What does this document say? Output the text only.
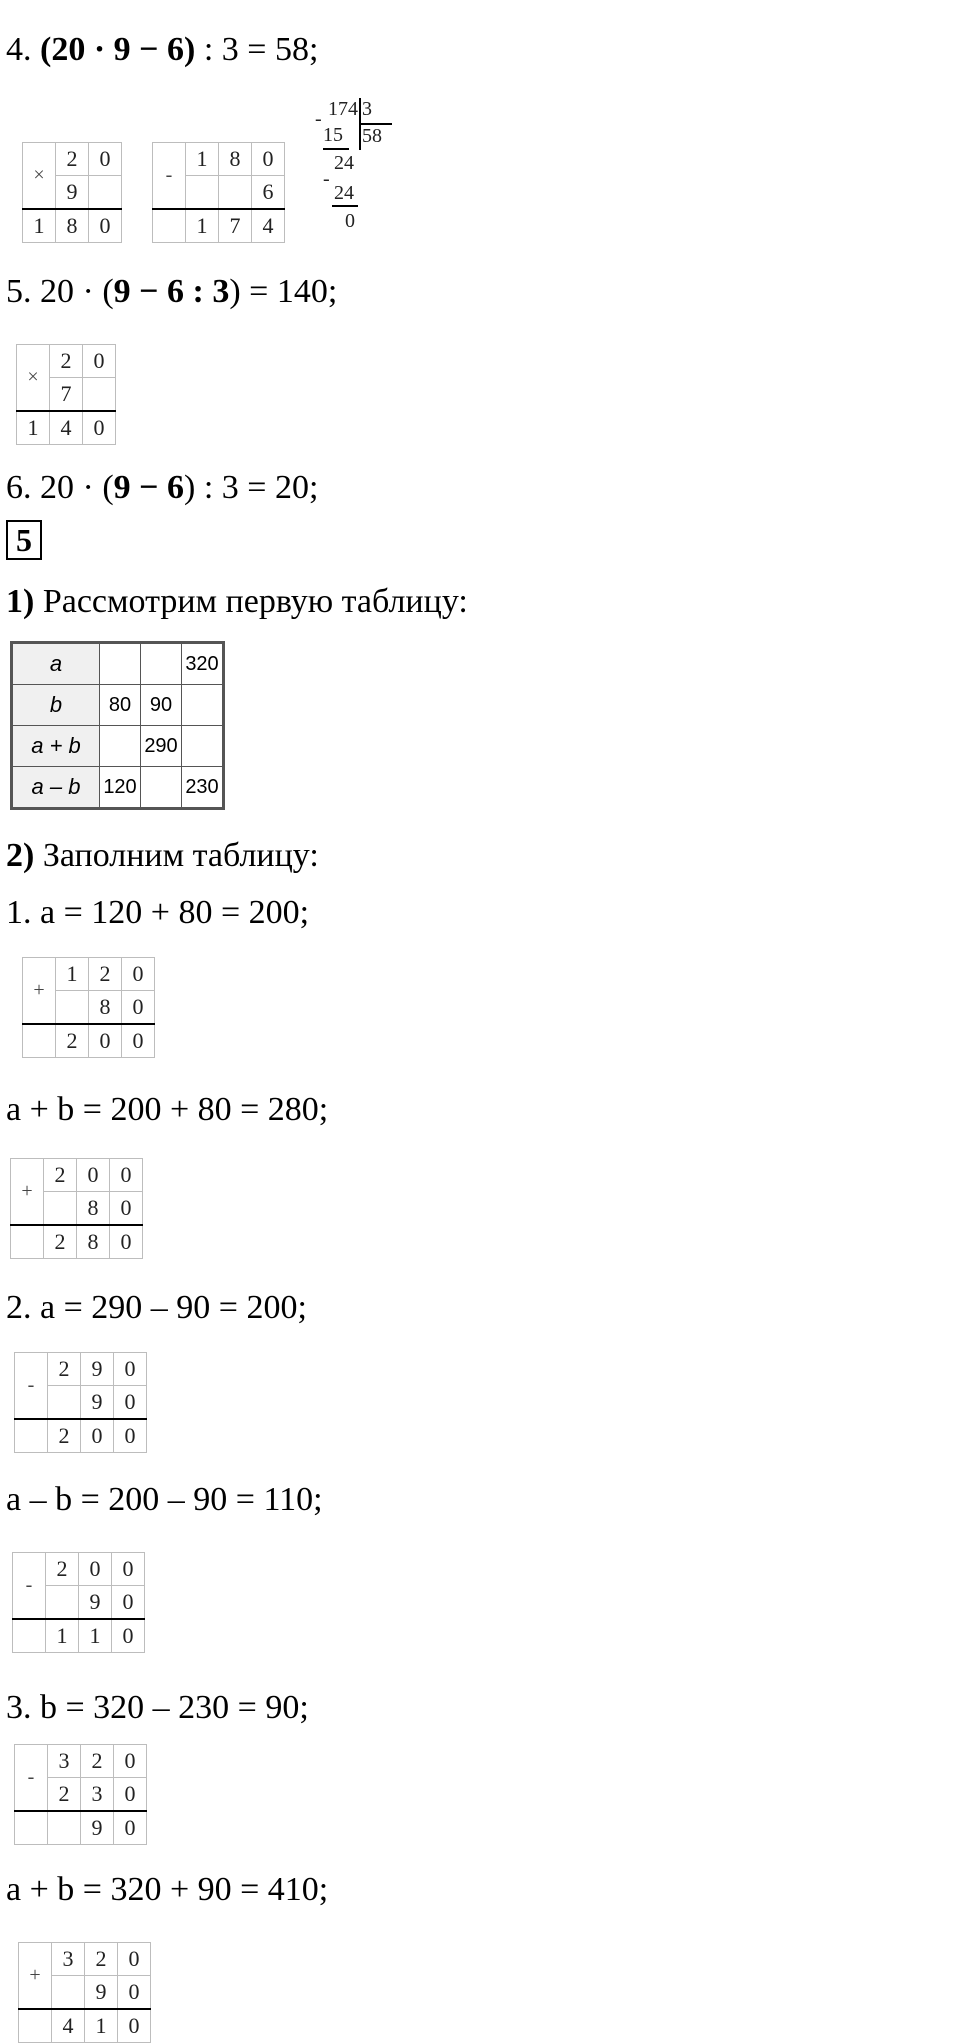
4. (20 · 9 − 6) : 3 = 58;
×	2	0
	9	
1	8	0
-	1	8	0
			6
	1	7	4
174 3
-
15 58
24
-
24
0
5. 20 · (9 − 6 : 3) = 140;
×	2	0
	7	
1	4	0
6. 20 · (9 − 6) : 3 = 20;
5
1) Рассмотрим первую таблицу:
a			320
b	80	90	
a + b		290	
a – b	120		230
2) Заполним таблицу:
1. a = 120 + 80 = 200;
+	1	2	0
		8	0
	2	0	0
a + b = 200 + 80 = 280;
+	2	0	0
		8	0
	2	8	0
2. a = 290 – 90 = 200;
-	2	9	0
		9	0
	2	0	0
a – b = 200 – 90 = 110;
-	2	0	0
		9	0
	1	1	0
3. b = 320 – 230 = 90;
-	3	2	0
	2	3	0
		9	0
a + b = 320 + 90 = 410;
+	3	2	0
		9	0
	4	1	0
